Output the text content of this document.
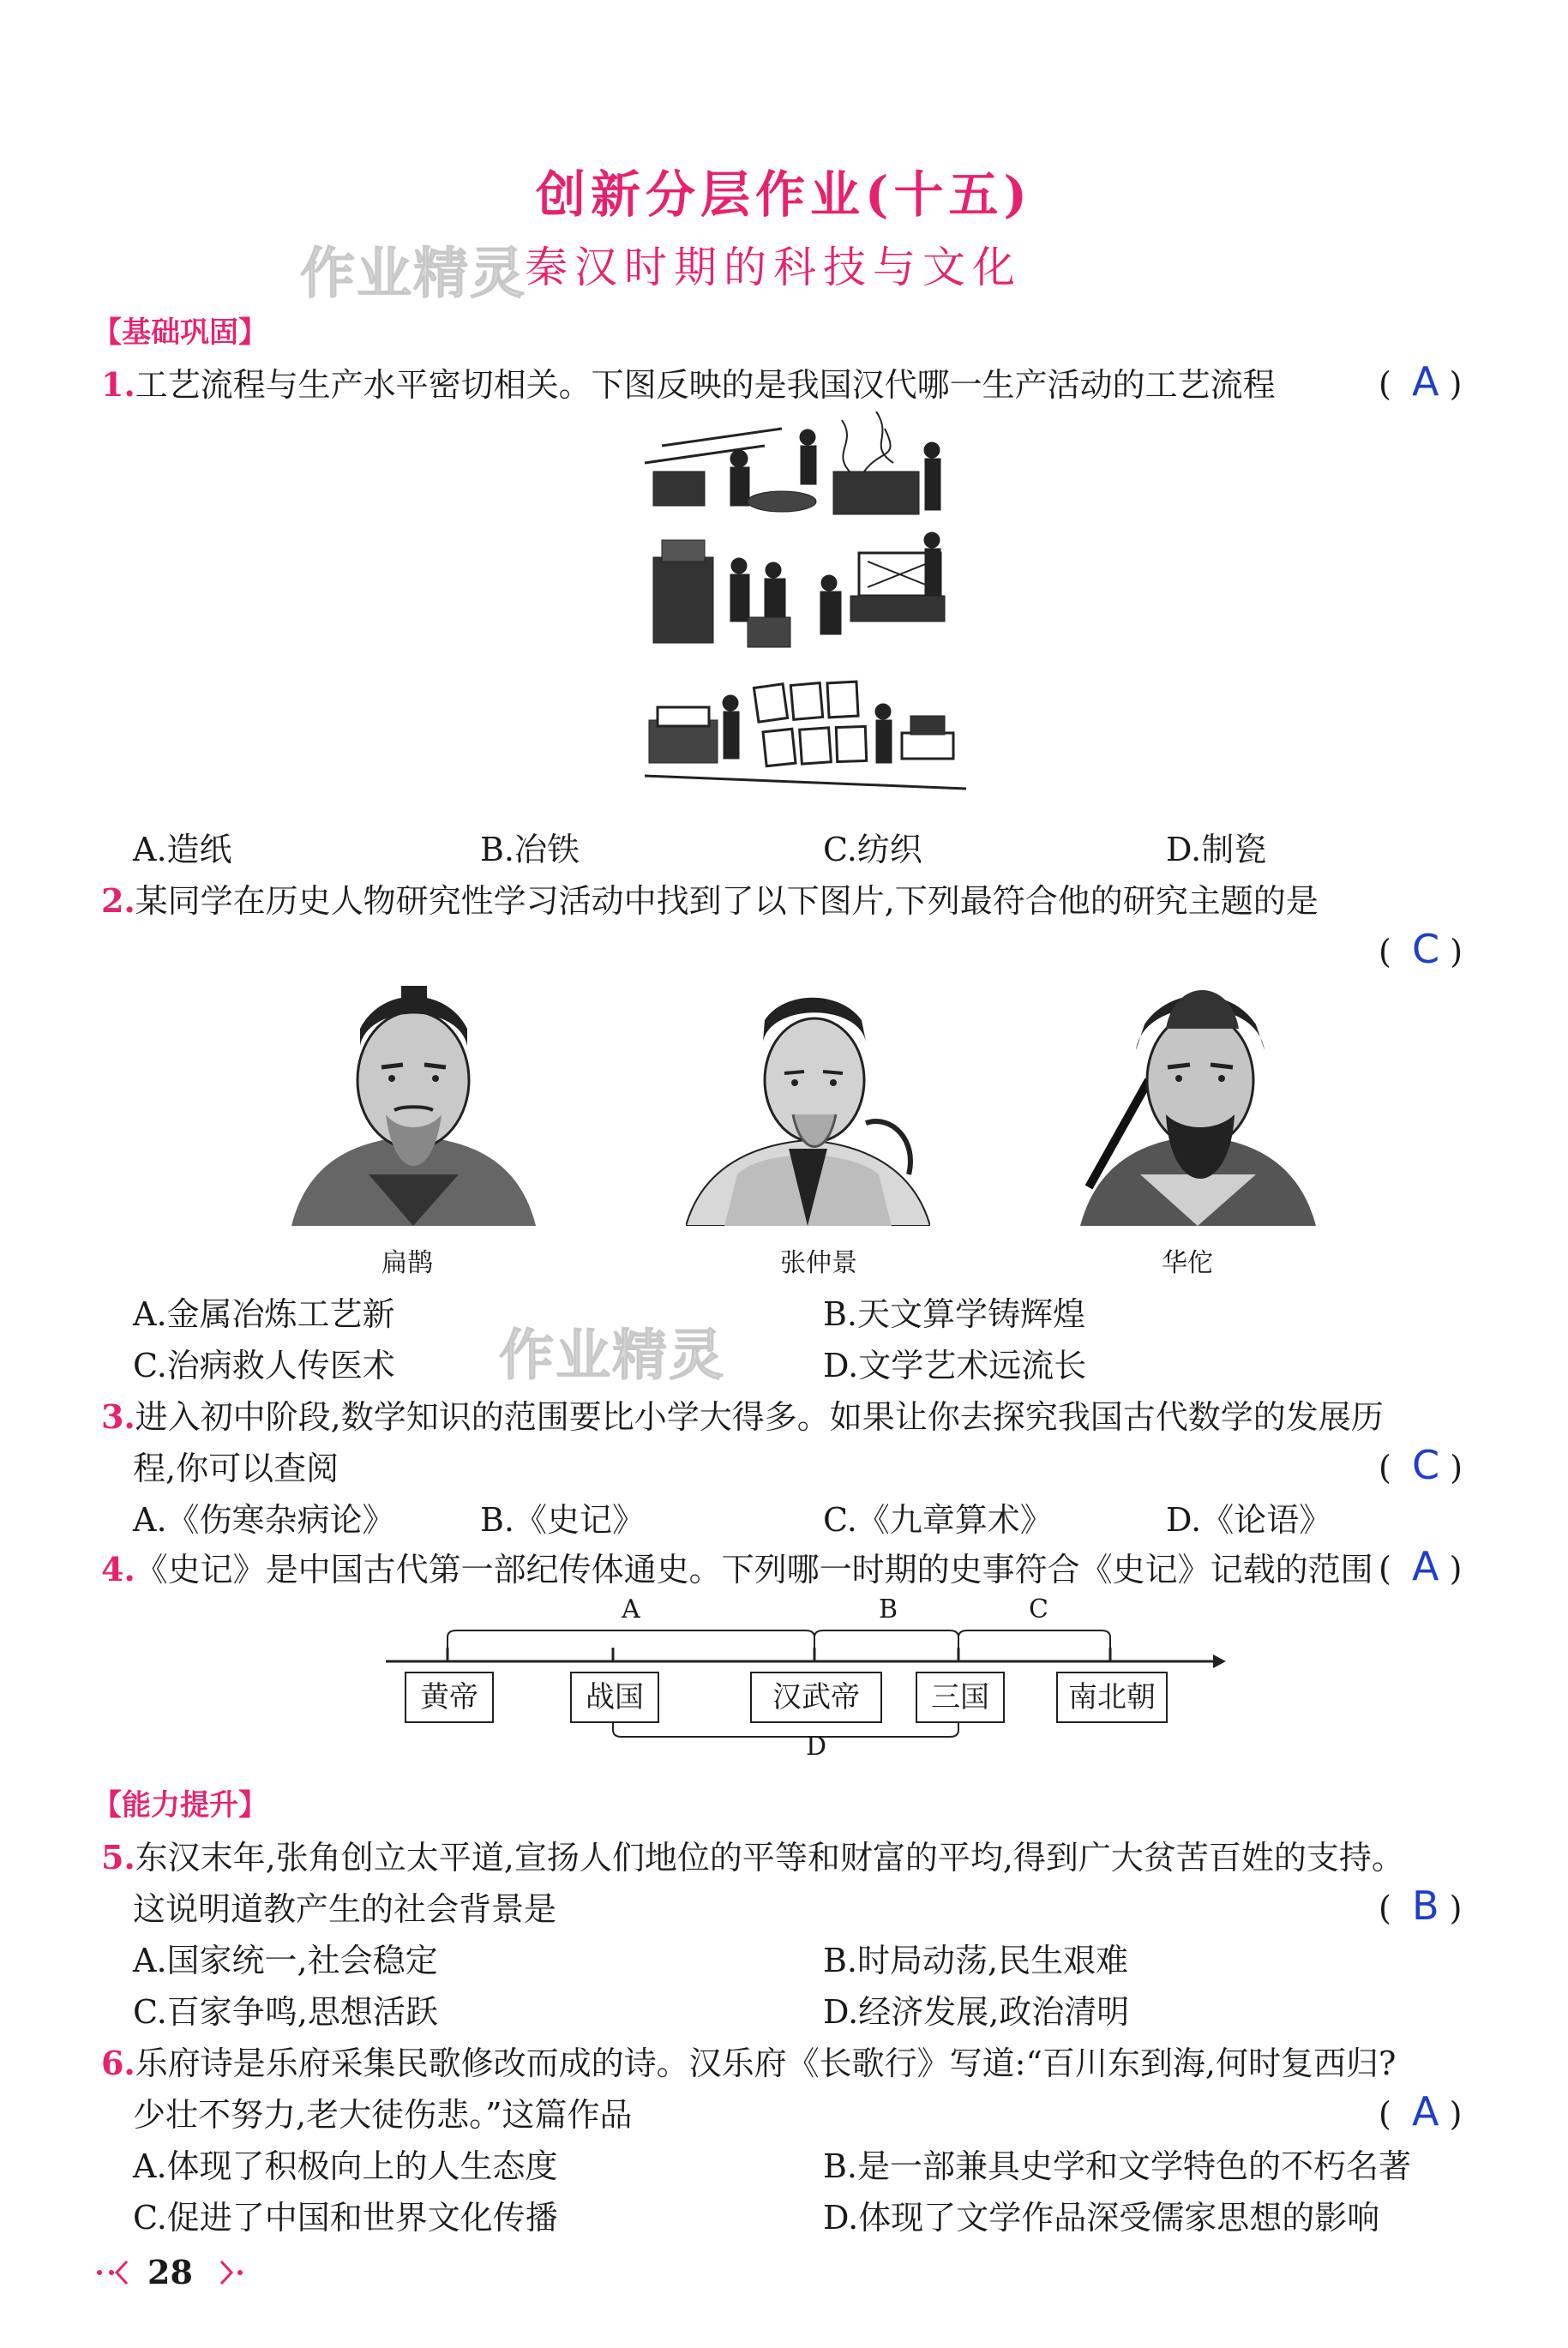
创新分层作业(十五)
作业精灵
秦汉时期的科技与文化
【基础巩固】
1.工艺流程与生产水平密切相关。下图反映的是我国汉代哪一生产活动的工艺流程	( A )
A.造纸	B.冶铁	C.纺织	D.制瓷
2.某同学在历史人物研究性学习活动中找到了以下图片,下列最符合他的研究主题的是
( C )
扁鹊	张仲景	华佗
A.金属冶炼工艺新	B.天文算学铸辉煌
C.治病救人传医术 作业精灵	D.文学艺术远流长
3.进入初中阶段,数学知识的范围要比小学大得多。如果让你去探究我国古代数学的发展历
程,你可以查阅	( C )
A.《伤寒杂病论》	B.《史记》	C.《九章算术》	D.《论语》
4.《史记》是中国古代第一部纪传体通史。下列哪一时期的史事符合《史记》记载的范围 ( A )
A	B	C
D
黄帝	战国	汉武帝	三国	南北朝
【能力提升】
5.东汉末年,张角创立太平道,宣扬人们地位的平等和财富的平均,得到广大贫苦百姓的支持。
这说明道教产生的社会背景是	( B )
A.国家统一,社会稳定	B.时局动荡,民生艰难
C.百家争鸣,思想活跃	D.经济发展,政治清明
6.乐府诗是乐府采集民歌修改而成的诗。汉乐府《长歌行》写道:“百川东到海,何时复西归?
少壮不努力,老大徒伤悲。”这篇作品	( A )
A.体现了积极向上的人生态度	B.是一部兼具史学和文学特色的不朽名著
C.促进了中国和世界文化传播	D.体现了文学作品深受儒家思想的影响
28
